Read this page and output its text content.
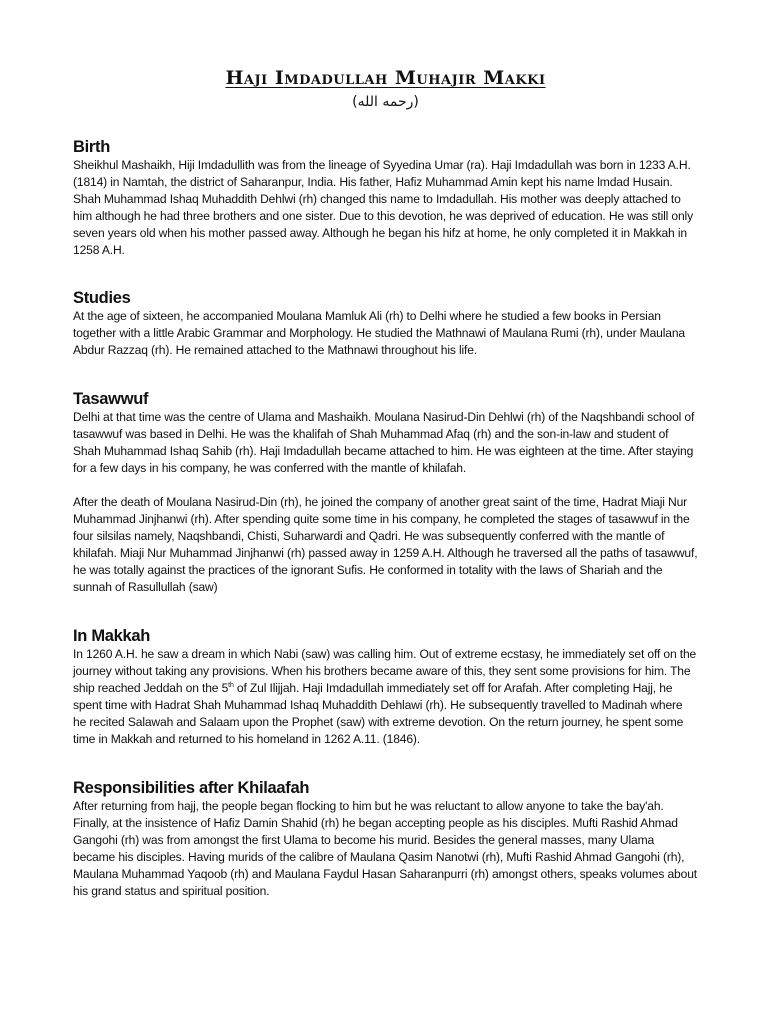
Haji Imdadullah Muhajir Makki
(رحمه الله)
Birth

Sheikhul Mashaikh, Hiji Imdadullith was from the lineage of Syyedina Umar (ra). Haji Imdadullah was born in 1233 A.H. (1814) in Namtah, the district of Saharanpur, India. His father, Hafiz Muhammad Amin kept his name lmdad Husain. Shah Muhammad Ishaq Muhaddith Dehlwi (rh) changed this name to Imdadullah. His mother was deeply attached to him although he had three brothers and one sister. Due to this devotion, he was deprived of education. He was still only seven years old when his mother passed away. Although he began his hifz at home, he only completed it in Makkah in 1258 A.H.

Studies

At the age of sixteen, he accompanied Moulana Mamluk Ali (rh) to Delhi where he studied a few books in Persian together with a little Arabic Grammar and Morphology. He studied the Mathnawi of Maulana Rumi (rh), under Maulana Abdur Razzaq (rh). He remained attached to the Mathnawi throughout his life.

Tasawwuf

Delhi at that time was the centre of Ulama and Mashaikh. Moulana Nasirud-Din Dehlwi (rh) of the Naqshbandi school of tasawwuf was based in Delhi. He was the khalifah of Shah Muhammad Afaq (rh) and the son-in-law and student of Shah Muhammad Ishaq Sahib (rh). Haji Imdadullah became attached to him. He was eighteen at the time. After staying for a few days in his company, he was conferred with the mantle of khilafah.

After the death of Moulana Nasirud-Din (rh), he joined the company of another great saint of the time, Hadrat Miaji Nur Muhammad Jinjhanwi (rh). After spending quite some time in his company, he completed the stages of tasawwuf in the four silsilas namely, Naqshbandi, Chisti, Suharwardi and Qadri. He was subsequently conferred with the mantle of khilafah. Miaji Nur Muhammad Jinjhanwi (rh) passed away in 1259 A.H. Although he traversed all the paths of tasawwuf, he was totally against the practices of the ignorant Sufis. He conformed in totality with the laws of Shariah and the sunnah of Rasullullah (saw)

In Makkah

In 1260 A.H. he saw a dream in which Nabi (saw) was calling him. Out of extreme ecstasy, he immediately set off on the journey without taking any provisions. When his brothers became aware of this, they sent some provisions for him. The ship reached Jeddah on the 5th of Zul Ilijjah. Haji Imdadullah immediately set off for Arafah. After completing Hajj, he spent time with Hadrat Shah Muhammad Ishaq Muhaddith Dehlawi (rh). He subsequently travelled to Madinah where he recited Salawah and Salaam upon the Prophet (saw) with extreme devotion. On the return journey, he spent some time in Makkah and returned to his homeland in 1262 A.11. (1846).

Responsibilities after Khilaafah

After returning from hajj, the people began flocking to him but he was reluctant to allow anyone to take the bay'ah. Finally, at the insistence of Hafiz Damin Shahid (rh) he began accepting people as his disciples. Mufti Rashid Ahmad Gangohi (rh) was from amongst the first Ulama to become his murid. Besides the general masses, many Ulama became his disciples. Having murids of the calibre of Maulana Qasim Nanotwi (rh), Mufti Rashid Ahmad Gangohi (rh), Maulana Muhammad Yaqoob (rh) and Maulana Faydul Hasan Saharanpurri (rh) amongst others, speaks volumes about his grand status and spiritual position.
